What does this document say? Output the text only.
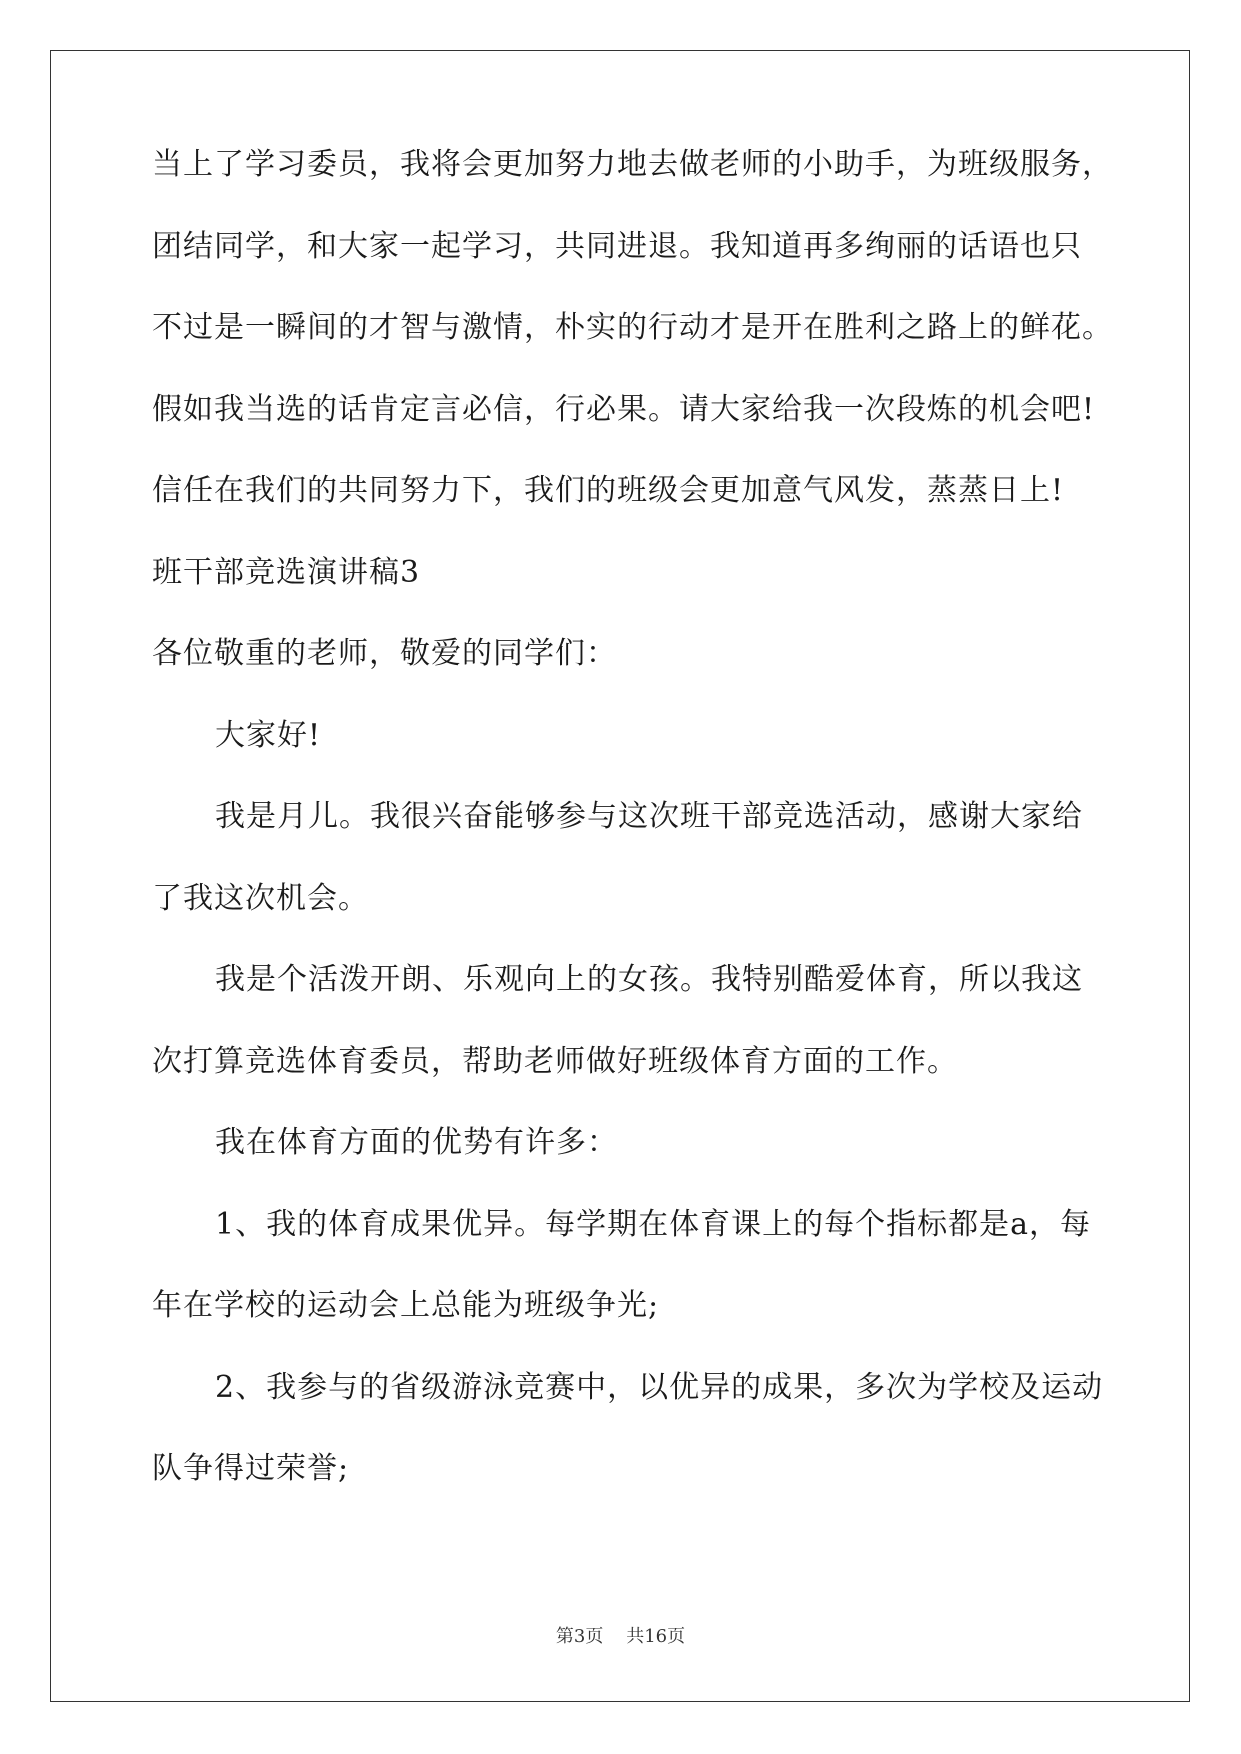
当上了学习委员，我将会更加努力地去做老师的小助手，为班级服务，
团结同学，和大家一起学习，共同进退。我知道再多绚丽的话语也只
不过是一瞬间的才智与激情，朴实的行动才是开在胜利之路上的鲜花。
假如我当选的话肯定言必信，行必果。请大家给我一次段炼的机会吧!
信任在我们的共同努力下，我们的班级会更加意气风发，蒸蒸日上!
班干部竞选演讲稿3
各位敬重的老师，敬爱的同学们：
大家好!
我是月儿。我很兴奋能够参与这次班干部竞选活动，感谢大家给
了我这次机会。
我是个活泼开朗、乐观向上的女孩。我特别酷爱体育，所以我这
次打算竞选体育委员，帮助老师做好班级体育方面的工作。
我在体育方面的优势有许多：
1、我的体育成果优异。每学期在体育课上的每个指标都是a，每
年在学校的运动会上总能为班级争光;
2、我参与的省级游泳竞赛中，以优异的成果，多次为学校及运动
队争得过荣誉;
第3页    共16页
